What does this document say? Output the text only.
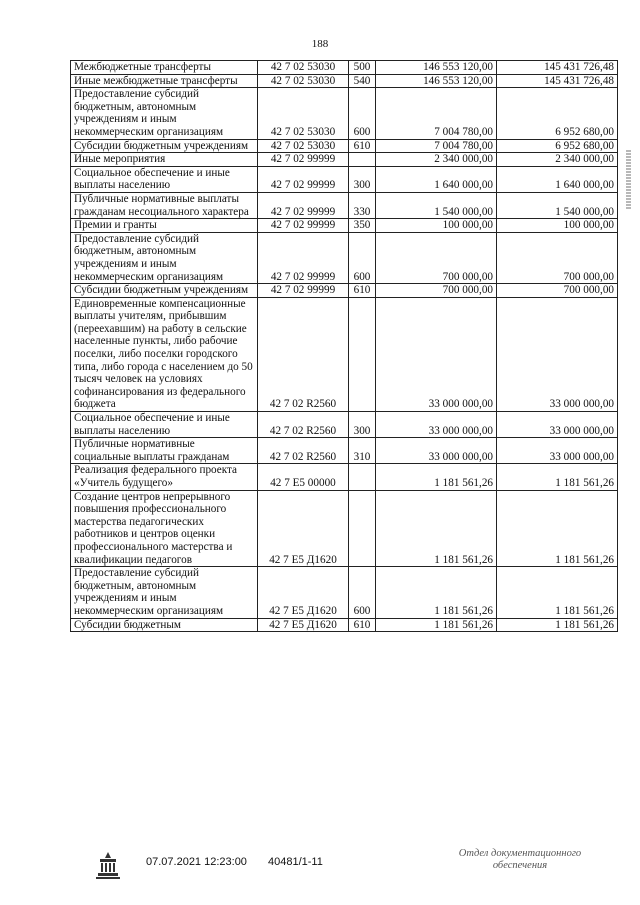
188
Межбюджетные трансферты	42 7 02 53030	500	146 553 120,00	145 431 726,48
Иные межбюджетные трансферты	42 7 02 53030	540	146 553 120,00	145 431 726,48
Предоставление субсидий бюджетным, автономным учреждениям и иным некоммерческим организациям	42 7 02 53030	600	7 004 780,00	6 952 680,00
Субсидии бюджетным учреждениям	42 7 02 53030	610	7 004 780,00	6 952 680,00
Иные мероприятия	42 7 02 99999		2 340 000,00	2 340 000,00
Социальное обеспечение и иные выплаты населению	42 7 02 99999	300	1 640 000,00	1 640 000,00
Публичные нормативные выплаты гражданам несоциального характера	42 7 02 99999	330	1 540 000,00	1 540 000,00
Премии и гранты	42 7 02 99999	350	100 000,00	100 000,00
Предоставление субсидий бюджетным, автономным учреждениям и иным некоммерческим организациям	42 7 02 99999	600	700 000,00	700 000,00
Субсидии бюджетным учреждениям	42 7 02 99999	610	700 000,00	700 000,00
Единовременные компенсационные выплаты учителям, прибывшим (переехавшим) на работу в сельские населенные пункты, либо рабочие поселки, либо поселки городского типа, либо города с населением до 50 тысяч человек на условиях софинансирования из федерального бюджета	42 7 02 R2560		33 000 000,00	33 000 000,00
Социальное обеспечение и иные выплаты населению	42 7 02 R2560	300	33 000 000,00	33 000 000,00
Публичные нормативные социальные выплаты гражданам	42 7 02 R2560	310	33 000 000,00	33 000 000,00
Реализация федерального проекта «Учитель будущего»	42 7 E5 00000		1 181 561,26	1 181 561,26
Создание центров непрерывного повышения профессионального мастерства педагогических работников и центров оценки профессионального мастерства и квалификации педагогов	42 7 E5 Д1620		1 181 561,26	1 181 561,26
Предоставление субсидий бюджетным, автономным учреждениям и иным некоммерческим организациям	42 7 E5 Д1620	600	1 181 561,26	1 181 561,26
Субсидии бюджетным	42 7 E5 Д1620	610	1 181 561,26	1 181 561,26
07.07.2021 12:23:00 40481/1-11
Отдел документационного
обеспечения
